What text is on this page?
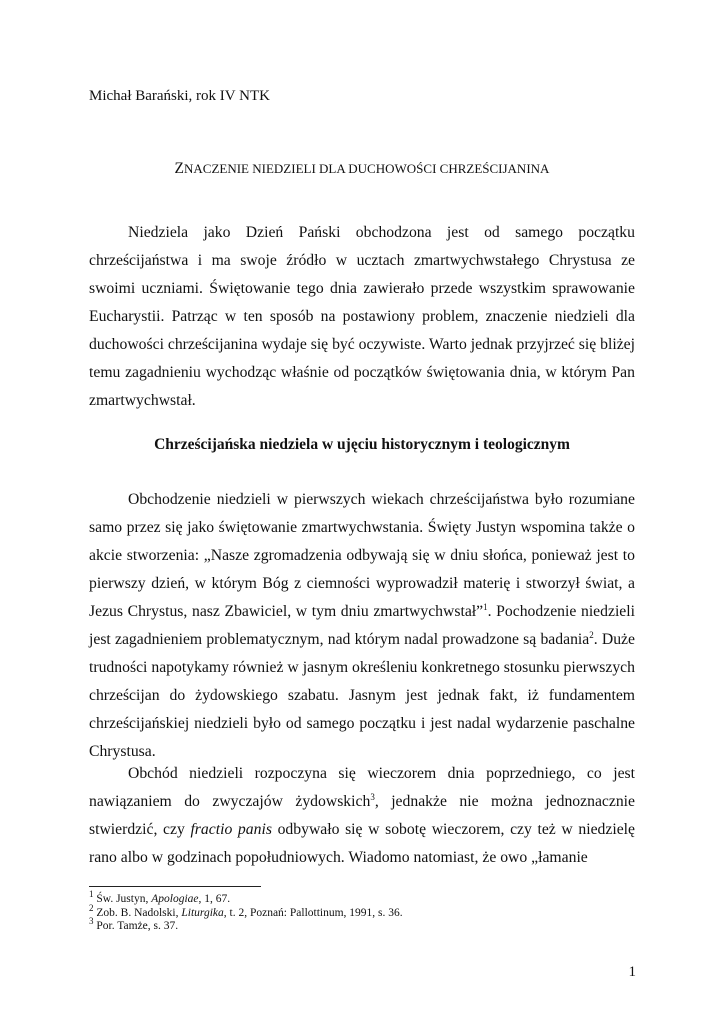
Michał Barański, rok IV NTK
ZNACZENIE NIEDZIELI DLA DUCHOWOŚCI CHRZEŚCIJANINA

Niedziela jako Dzień Pański obchodzona jest od samego początku chrześcijaństwa i ma swoje źródło w ucztach zmartwychwstałego Chrystusa ze swoimi uczniami. Świętowanie tego dnia zawierało przede wszystkim sprawowanie Eucharystii. Patrząc w ten sposób na postawiony problem, znaczenie niedzieli dla duchowości chrześcijanina wydaje się być oczywiste. Warto jednak przyjrzeć się bliżej temu zagadnieniu wychodząc właśnie od początków świętowania dnia, w którym Pan zmartwychwstał.

Chrześcijańska niedziela w ujęciu historycznym i teologicznym

Obchodzenie niedzieli w pierwszych wiekach chrześcijaństwa było rozumiane samo przez się jako świętowanie zmartwychwstania. Święty Justyn wspomina także o akcie stworzenia: „Nasze zgromadzenia odbywają się w dniu słońca, ponieważ jest to pierwszy dzień, w którym Bóg z ciemności wyprowadził materię i stworzył świat, a Jezus Chrystus, nasz Zbawiciel, w tym dniu zmartwychwstał”$^1$. Pochodzenie niedzieli jest zagadnieniem problematycznym, nad którym nadal prowadzone są badania$^2$. Duże trudności napotykamy również w jasnym określeniu konkretnego stosunku pierwszych chrześcijan do żydowskiego szabatu. Jasnym jest jednak fakt, iż fundamentem chrześcijańskiej niedzieli było od samego początku i jest nadal wydarzenie paschalne Chrystusa.

Obchód niedzieli rozpoczyna się wieczorem dnia poprzedniego, co jest nawiązaniem do zwyczajów żydowskich$^3$, jednakże nie można jednoznacznie stwierdzić, czy fractio panis odbywało się w sobotę wieczorem, czy też w niedzielę rano albo w godzinach popołudniowych. Wiadomo natomiast, że owo „łamanie

$^1$ Św. Justyn, Apologiae, 1, 67.
$^2$ Zob. B. Nadolski, Liturgika, t. 2, Poznań: Pallottinum, 1991, s. 36.
$^3$ Por. Tamże, s. 37.
1
